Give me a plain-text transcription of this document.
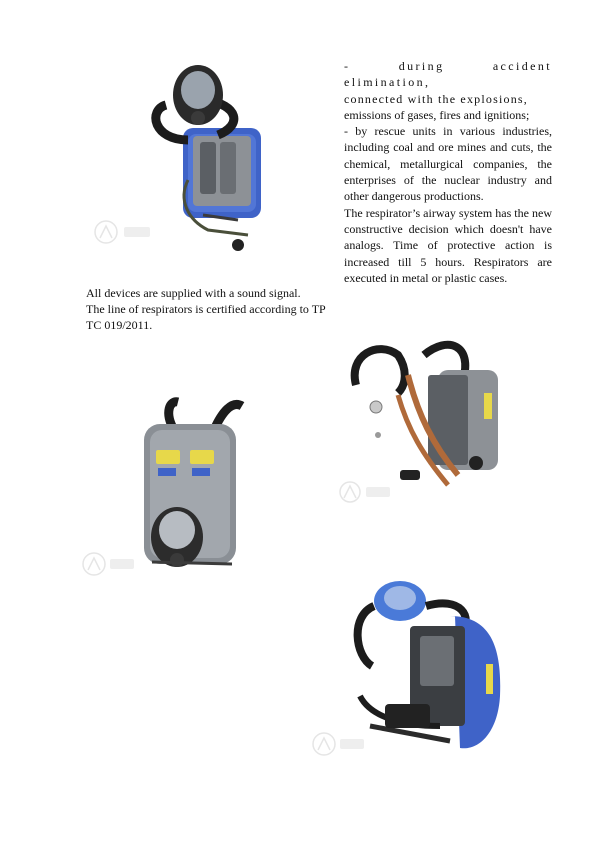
- during accident elimination,

connected with the explosions,

emissions of gases, fires and ignitions;

- by rescue units in various industries, including coal and ore mines and cuts, the chemical, metallurgical companies, the enterprises of the nuclear industry and other dangerous productions.

The respirator’s airway system has the new constructive decision which doesn't have analogs. Time of protective action is increased till 5 hours. Respirators are executed in metal or plastic cases.

All devices are supplied with a sound signal.

The line of respirators is certified according to TP TC 019/2011.
